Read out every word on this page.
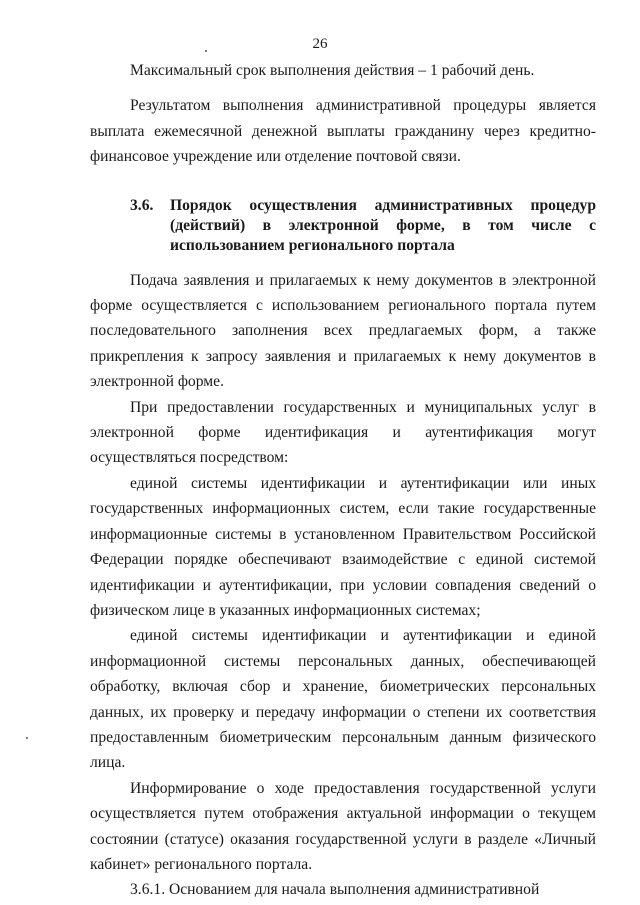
26

Максимальный срок выполнения действия – 1 рабочий день.

Результатом выполнения административной процедуры является выплата ежемесячной денежной выплаты гражданину через кредитно-финансовое учреждение или отделение почтовой связи.

3.6.	Порядок осуществления административных процедур (действий) в электронной форме, в том числе с использованием регионального портала

Подача заявления и прилагаемых к нему документов в электронной форме осуществляется с использованием регионального портала путем последовательного заполнения всех предлагаемых форм, а также прикрепления к запросу заявления и прилагаемых к нему документов в электронной форме.

При предоставлении государственных и муниципальных услуг в электронной форме идентификация и аутентификация могут осуществляться посредством:

единой системы идентификации и аутентификации или иных государственных информационных систем, если такие государственные информационные системы в установленном Правительством Российской Федерации порядке обеспечивают взаимодействие с единой системой идентификации и аутентификации, при условии совпадения сведений о физическом лице в указанных информационных системах;

единой системы идентификации и аутентификации и единой информационной системы персональных данных, обеспечивающей обработку, включая сбор и хранение, биометрических персональных данных, их проверку и передачу информации о степени их соответствия предоставленным биометрическим персональным данным физического лица.

Информирование о ходе предоставления государственной услуги осуществляется путем отображения актуальной информации о текущем состоянии (статусе) оказания государственной услуги в разделе «Личный кабинет» регионального портала.

3.6.1. Основанием для начала выполнения административной
